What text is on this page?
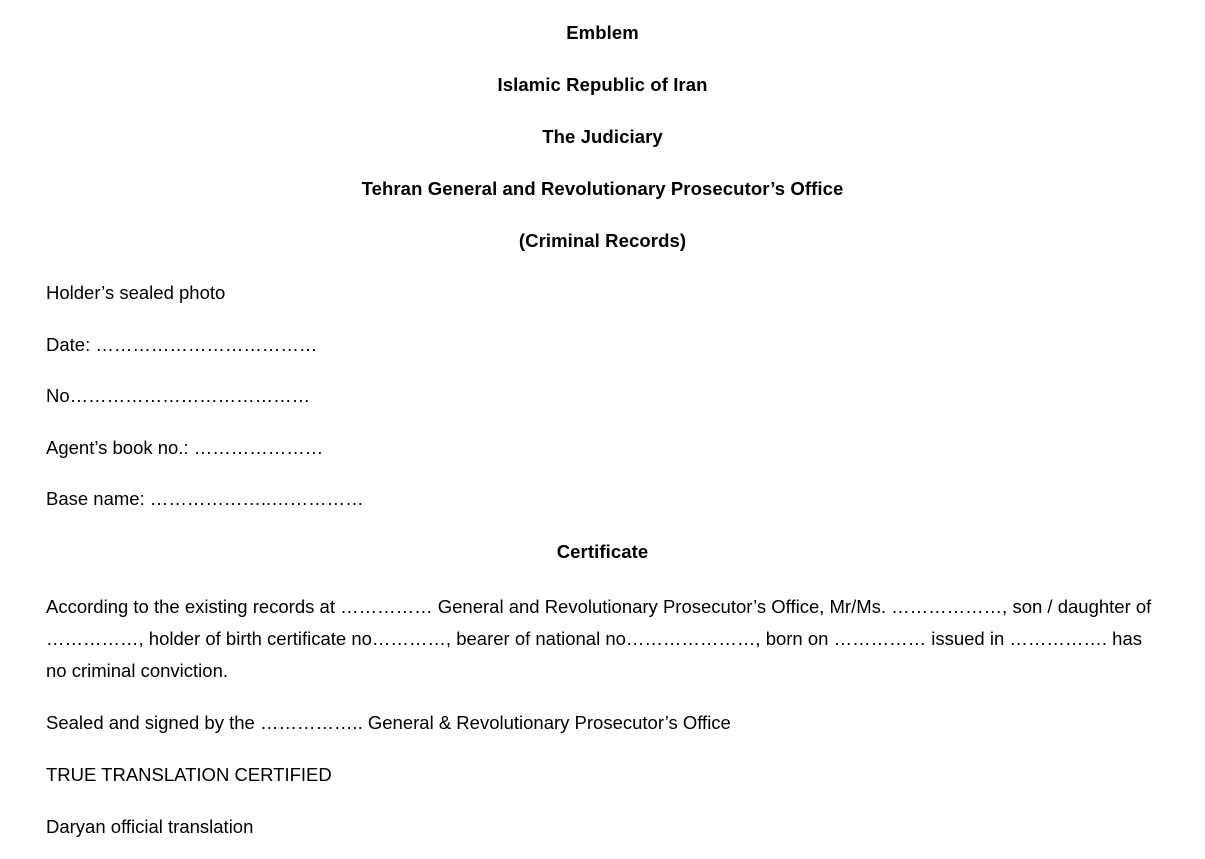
Emblem
Islamic Republic of Iran
The Judiciary
Tehran General and Revolutionary Prosecutor’s Office
(Criminal Records)
Holder’s sealed photo
Date: ………………………………
No…………………………………
Agent’s book no.: …………………
Base name: ………………..……………
Certificate
According to the existing records at …………… General and Revolutionary Prosecutor’s Office, Mr/Ms. ………………, son / daughter of ……………, holder of birth certificate no…………, bearer of national no…………………, born on …………… issued in ……………. has no criminal conviction.
Sealed and signed by the …………….. General & Revolutionary Prosecutor’s Office
TRUE TRANSLATION CERTIFIED
Daryan official translation
